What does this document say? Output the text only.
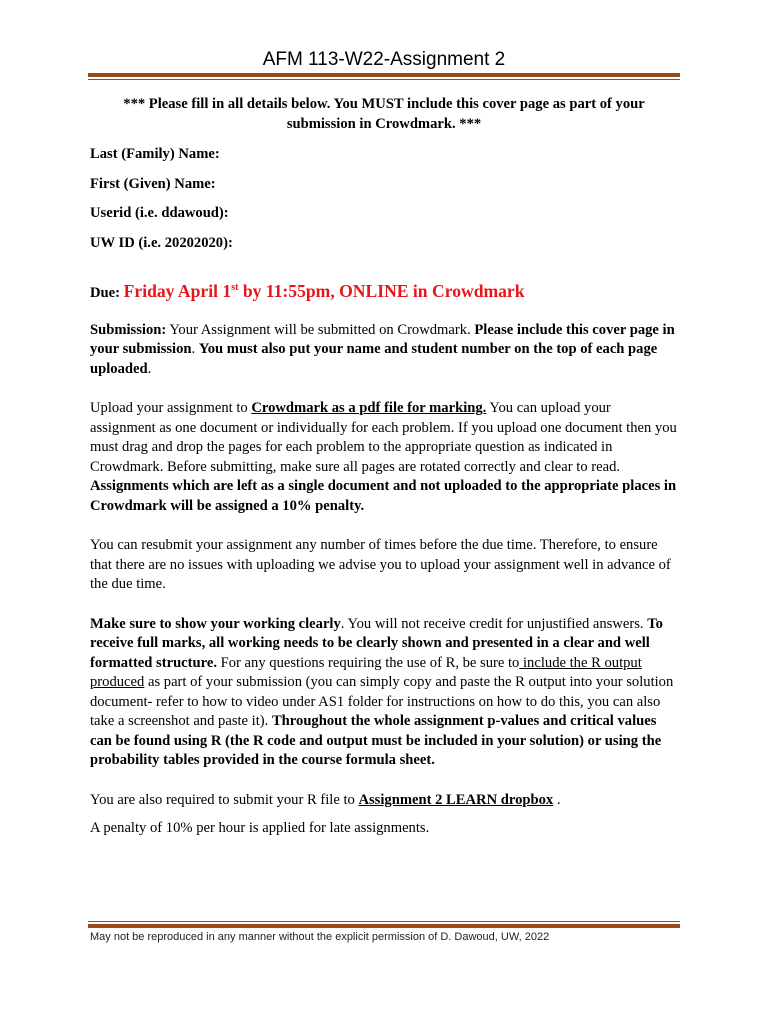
AFM 113-W22-Assignment 2

*** Please fill in all details below. You MUST include this cover page as part of your
submission in Crowdmark. ***

Last (Family) Name:

First (Given) Name:

Userid (i.e. ddawoud):

UW ID (i.e. 20202020):

Due: Friday April 1st by 11:55pm, ONLINE in Crowdmark

Submission: Your Assignment will be submitted on Crowdmark. Please include this cover page in your submission. You must also put your name and student number on the top of each page uploaded.

Upload your assignment to Crowdmark as a pdf file for marking. You can upload your assignment as one document or individually for each problem. If you upload one document then you must drag and drop the pages for each problem to the appropriate question as indicated in Crowdmark. Before submitting, make sure all pages are rotated correctly and clear to read. Assignments which are left as a single document and not uploaded to the appropriate places in Crowdmark will be assigned a 10% penalty.

You can resubmit your assignment any number of times before the due time. Therefore, to ensure that there are no issues with uploading we advise you to upload your assignment well in advance of the due time.

Make sure to show your working clearly. You will not receive credit for unjustified answers. To receive full marks, all working needs to be clearly shown and presented in a clear and well formatted structure. For any questions requiring the use of R, be sure to include the R output produced as part of your submission (you can simply copy and paste the R output into your solution document- refer to how to video under AS1 folder for instructions on how to do this, you can also take a screenshot and paste it). Throughout the whole assignment p-values and critical values can be found using R (the R code and output must be included in your solution) or using the probability tables provided in the course formula sheet.

You are also required to submit your R file to Assignment 2 LEARN dropbox .

A penalty of 10% per hour is applied for late assignments.

May not be reproduced in any manner without the explicit permission of D. Dawoud, UW, 2022
